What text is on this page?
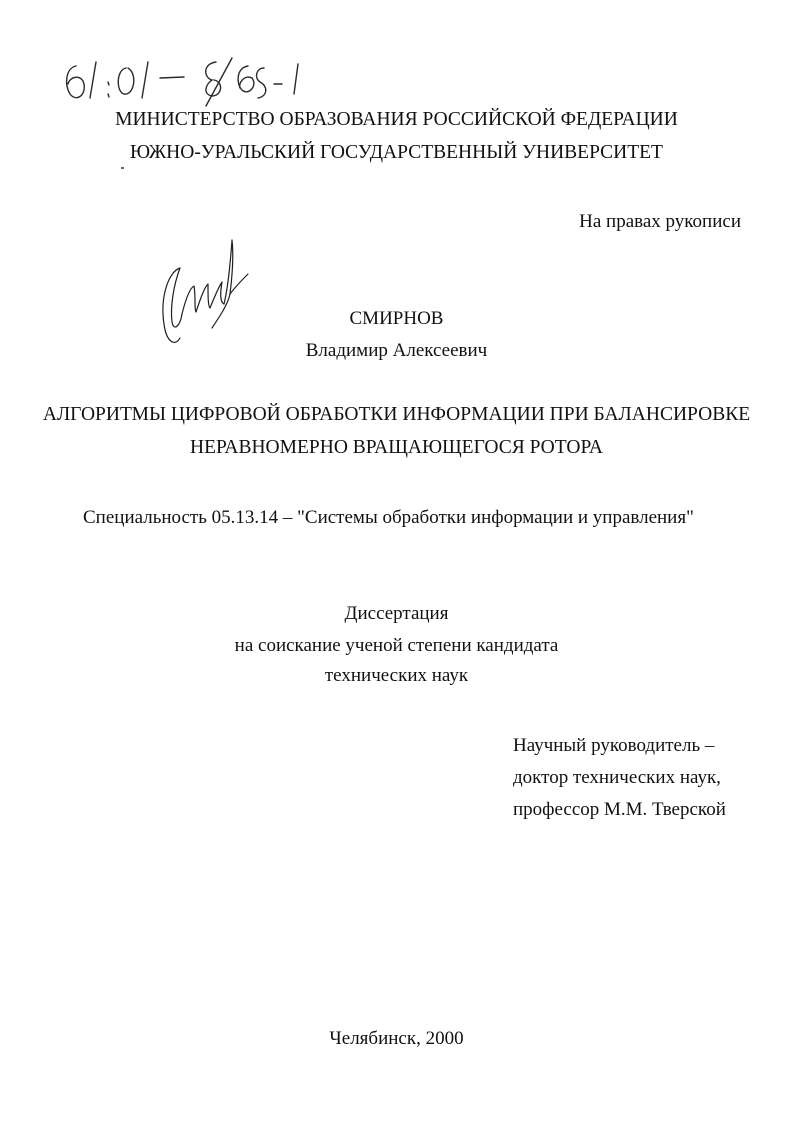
МИНИСТЕРСТВО ОБРАЗОВАНИЯ РОССИЙСКОЙ ФЕДЕРАЦИИ
ЮЖНО-УРАЛЬСКИЙ ГОСУДАРСТВЕННЫЙ УНИВЕРСИТЕТ
На правах рукописи
СМИРНОВ
Владимир Алексеевич
АЛГОРИТМЫ ЦИФРОВОЙ ОБРАБОТКИ ИНФОРМАЦИИ ПРИ БАЛАНСИРОВКЕ
НЕРАВНОМЕРНО ВРАЩАЮЩЕГОСЯ РОТОРА
Специальность 05.13.14 – "Системы обработки информации и управления"
Диссертация
на соискание ученой степени кандидата
технических наук
Научный руководитель –
доктор технических наук,
профессор М.М. Тверской
Челябинск, 2000
